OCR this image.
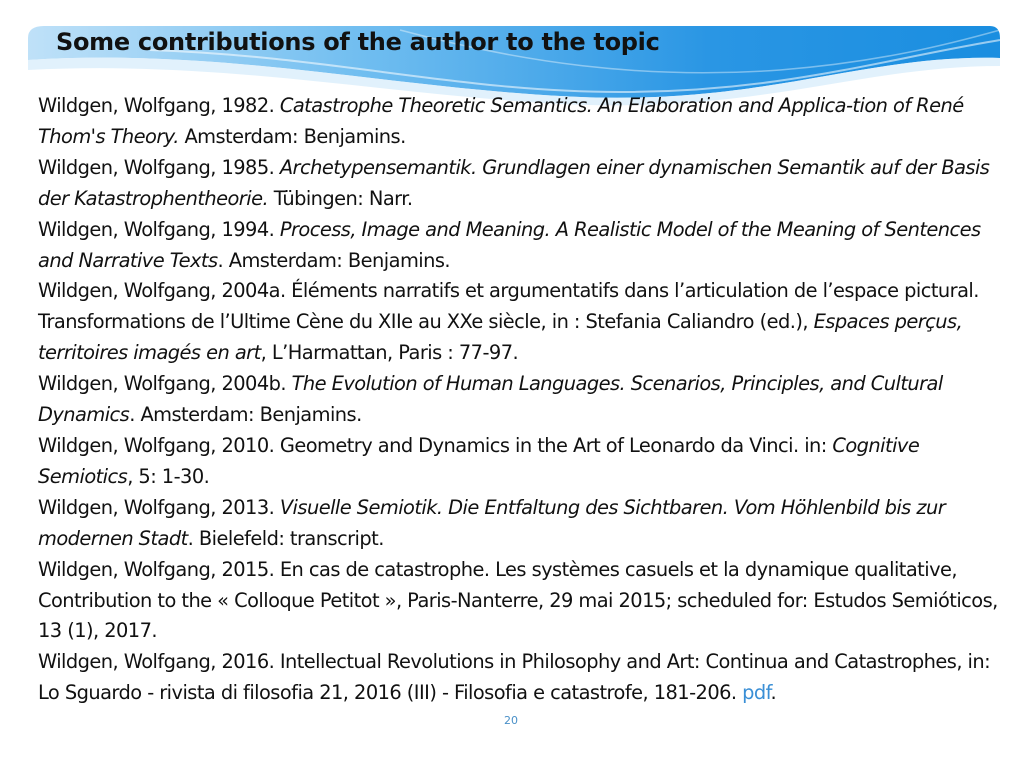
Some contributions of the author to the topic

Wildgen, Wolfgang, 1982. Catastrophe Theoretic Semantics. An Elaboration and Applica-tion of René Thom's Theory. Amsterdam: Benjamins.

Wildgen, Wolfgang, 1985. Archetypensemantik. Grundlagen einer dynamischen Semantik auf der Basis der Katastrophentheorie. Tübingen: Narr.

Wildgen, Wolfgang, 1994. Process, Image and Meaning. A Realistic Model of the Meaning of Sentences and Narrative Texts. Amsterdam: Benjamins.

Wildgen, Wolfgang, 2004a. Éléments narratifs et argumentatifs dans l’articulation de l’espace pictural. Transformations de l’Ultime Cène du XIIe au XXe siècle, in : Stefania Caliandro (ed.), Espaces perçus, territoires imagés en art, L’Harmattan, Paris : 77-97.

Wildgen, Wolfgang, 2004b. The Evolution of Human Languages. Scenarios, Principles, and Cultural Dynamics. Amsterdam: Benjamins.

Wildgen, Wolfgang, 2010. Geometry and Dynamics in the Art of Leonardo da Vinci. in: Cognitive Semiotics, 5: 1-30.

Wildgen, Wolfgang, 2013. Visuelle Semiotik. Die Entfaltung des Sichtbaren. Vom Höhlenbild bis zur modernen Stadt. Bielefeld: transcript.

Wildgen, Wolfgang, 2015. En cas de catastrophe. Les systèmes casuels et la dynamique qualitative, Contribution to the « Colloque Petitot », Paris-Nanterre, 29 mai 2015; scheduled for: Estudos Semióticos, 13 (1), 2017.

Wildgen, Wolfgang, 2016. Intellectual Revolutions in Philosophy and Art: Continua and Catastrophes, in: Lo Sguardo - rivista di filosofia 21, 2016 (III) - Filosofia e catastrofe, 181-206. pdf.

20
